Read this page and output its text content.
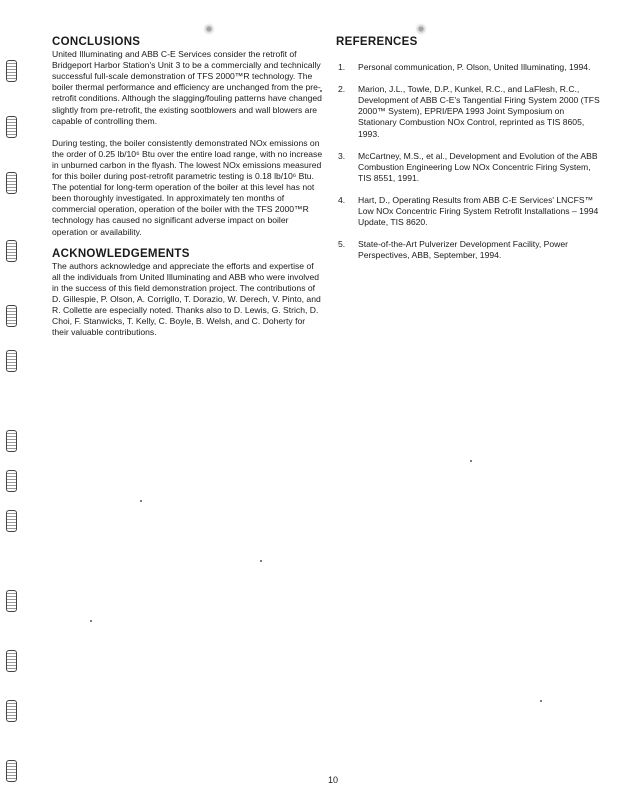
CONCLUSIONS

United Illuminating and ABB C-E Services consider the retrofit of Bridgeport Harbor Station's Unit 3 to be a commercially and technically successful full-scale demonstration of TFS 2000™R technology. The boiler thermal performance and efficiency are unchanged from the pre-retrofit conditions. Although the slagging/fouling patterns have changed slightly from pre-retrofit, the existing sootblowers and wall blowers are capable of controlling them.

During testing, the boiler consistently demonstrated NOx emissions on the order of 0.25 lb/10⁶ Btu over the entire load range, with no increase in unburned carbon in the flyash. The lowest NOx emissions measured for this boiler during post-retrofit parametric testing is 0.18 lb/10⁶ Btu. The potential for long-term operation of the boiler at this level has not been thoroughly investigated. In approximately ten months of commercial operation, operation of the boiler with the TFS 2000™R technology has caused no significant adverse impact on boiler operation or availability.

ACKNOWLEDGEMENTS

The authors acknowledge and appreciate the efforts and expertise of all the individuals from United Illuminating and ABB who were involved in the success of this field demonstration project. The contributions of D. Gillespie, P. Olson, A. Corrigllo, T. Dorazio, W. Derech, V. Pinto, and R. Collette are especially noted. Thanks also to D. Lewis, G. Strich, D. Choi, F. Stanwicks, T. Kelly, C. Boyle, B. Welsh, and C. Doherty for their valuable contributions.

REFERENCES
1. Personal communication, P. Olson, United Illuminating, 1994.
2. Marion, J.L., Towle, D.P., Kunkel, R.C., and LaFlesh, R.C., Development of ABB C-E's Tangential Firing System 2000 (TFS 2000™ System), EPRI/EPA 1993 Joint Symposium on Stationary Combustion NOx Control, reprinted as TIS 8605, 1993.
3. McCartney, M.S., et al., Development and Evolution of the ABB Combustion Engineering Low NOx Concentric Firing System, TIS 8551, 1991.
4. Hart, D., Operating Results from ABB C-E Services' LNCFS™ Low NOx Concentric Firing System Retrofit Installations – 1994 Update, TIS 8620.
5. State-of-the-Art Pulverizer Development Facility, Power Perspectives, ABB, September, 1994.
10
